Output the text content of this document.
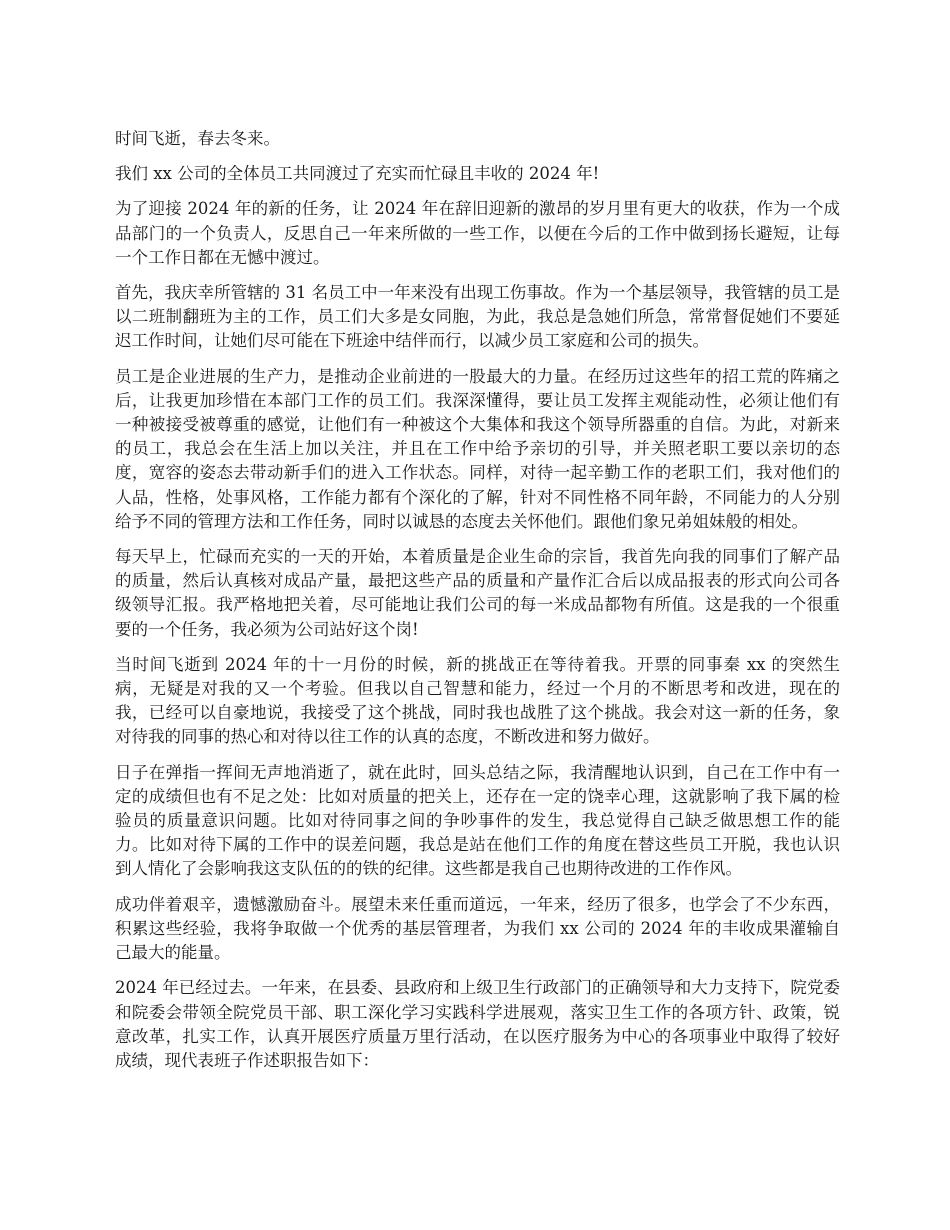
时间飞逝，春去冬来。

我们 xx 公司的全体员工共同渡过了充实而忙碌且丰收的 2024 年!

为了迎接 2024 年的新的任务，让 2024 年在辞旧迎新的激昂的岁月里有更大的收获，作为一个成品部门的一个负责人，反思自己一年来所做的一些工作，以便在今后的工作中做到扬长避短，让每一个工作日都在无憾中渡过。

首先，我庆幸所管辖的 31 名员工中一年来没有出现工伤事故。作为一个基层领导，我管辖的员工是以二班制翻班为主的工作，员工们大多是女同胞，为此，我总是急她们所急，常常督促她们不要延迟工作时间，让她们尽可能在下班途中结伴而行，以减少员工家庭和公司的损失。

员工是企业进展的生产力，是推动企业前进的一股最大的力量。在经历过这些年的招工荒的阵痛之后，让我更加珍惜在本部门工作的员工们。我深深懂得，要让员工发挥主观能动性，必须让他们有一种被接受被尊重的感觉，让他们有一种被这个大集体和我这个领导所器重的自信。为此，对新来的员工，我总会在生活上加以关注，并且在工作中给予亲切的引导，并关照老职工要以亲切的态度，宽容的姿态去带动新手们的进入工作状态。同样，对待一起辛勤工作的老职工们，我对他们的人品，性格，处事风格，工作能力都有个深化的了解，针对不同性格不同年龄，不同能力的人分别给予不同的管理方法和工作任务，同时以诚恳的态度去关怀他们。跟他们象兄弟姐妹般的相处。

每天早上，忙碌而充实的一天的开始，本着质量是企业生命的宗旨，我首先向我的同事们了解产品的质量，然后认真核对成品产量，最把这些产品的质量和产量作汇合后以成品报表的形式向公司各级领导汇报。我严格地把关着，尽可能地让我们公司的每一米成品都物有所值。这是我的一个很重要的一个任务，我必须为公司站好这个岗!

当时间飞逝到 2024 年的十一月份的时候，新的挑战正在等待着我。开票的同事秦 xx 的突然生病，无疑是对我的又一个考验。但我以自己智慧和能力，经过一个月的不断思考和改进，现在的我，已经可以自豪地说，我接受了这个挑战，同时我也战胜了这个挑战。我会对这一新的任务，象对待我的同事的热心和对待以往工作的认真的态度，不断改进和努力做好。

日子在弹指一挥间无声地消逝了，就在此时，回头总结之际，我清醒地认识到，自己在工作中有一定的成绩但也有不足之处：比如对质量的把关上，还存在一定的饶幸心理，这就影响了我下属的检验员的质量意识问题。比如对待同事之间的争吵事件的发生，我总觉得自己缺乏做思想工作的能力。比如对待下属的工作中的误差问题，我总是站在他们工作的角度在替这些员工开脱，我也认识到人情化了会影响我这支队伍的的铁的纪律。这些都是我自己也期待改进的工作作风。

成功伴着艰辛，遗憾激励奋斗。展望未来任重而道远，一年来，经历了很多，也学会了不少东西，积累这些经验，我将争取做一个优秀的基层管理者，为我们 xx 公司的 2024 年的丰收成果灌输自己最大的能量。

2024 年已经过去。一年来，在县委、县政府和上级卫生行政部门的正确领导和大力支持下，院党委和院委会带领全院党员干部、职工深化学习实践科学进展观，落实卫生工作的各项方针、政策，锐意改革，扎实工作，认真开展医疗质量万里行活动，在以医疗服务为中心的各项事业中取得了较好成绩，现代表班子作述职报告如下：
